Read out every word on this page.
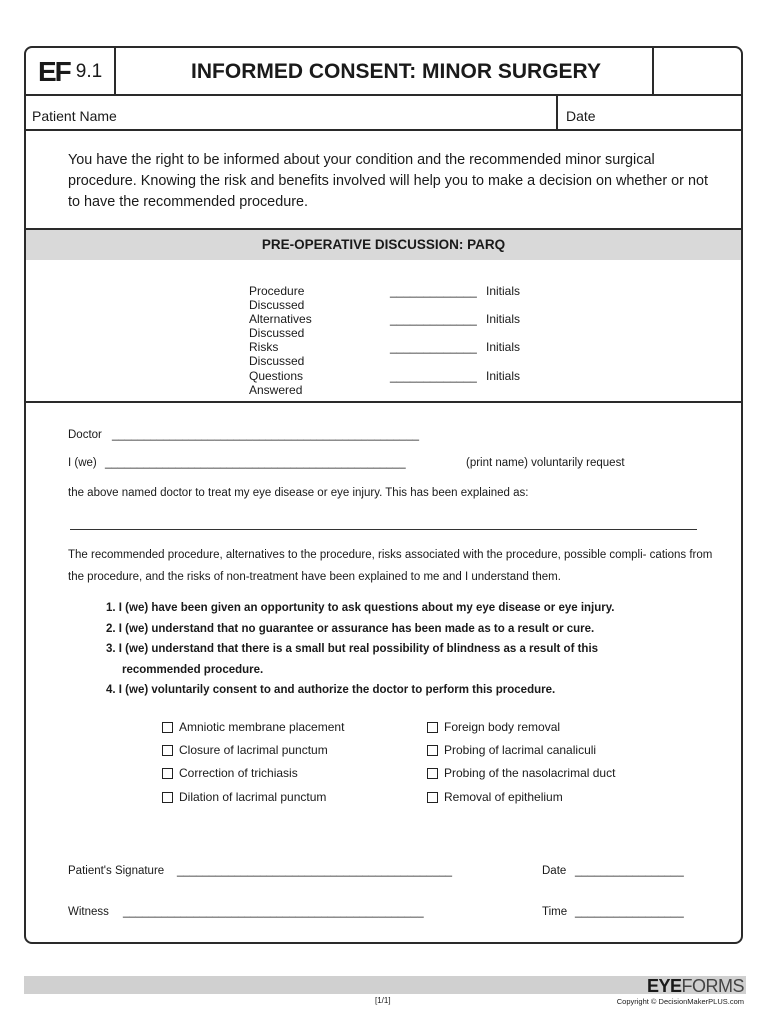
EF 9.1	INFORMED CONSENT: MINOR SURGERY
Patient Name	Date
You have the right to be informed about your condition and the recommended minor surgical procedure. Knowing the risk and benefits involved will help you to make a decision on whether or not to have the recommended procedure.
PRE-OPERATIVE DISCUSSION: PARQ
Procedure Discussed
_____________ Initials
Alternatives Discussed
_____________ Initials
Risks Discussed
_____________ Initials
Questions Answered
_____________ Initials
Doctor ________________________________________________
I (we) _______________________________________________	(print name) voluntarily request
the above named doctor to treat my eye disease or eye injury. This has been explained as:
The recommended procedure, alternatives to the procedure, risks associated with the procedure, possible compli- cations from the procedure, and the risks of non-treatment have been explained to me and I understand them.
1. I (we) have been given an opportunity to ask questions about my eye disease or eye injury.
2. I (we) understand that no guarantee or assurance has been made as to a result or cure.
3. I (we) understand that there is a small but real possibility of blindness as a result of this
recommended procedure.
4. I (we) voluntarily consent to and authorize the doctor to perform this procedure.
Amniotic membrane placement
Closure of lacrimal punctum
Correction of trichiasis
Dilation of lacrimal punctum
Foreign body removal
Probing of lacrimal canaliculi
Probing of the nasolacrimal duct
Removal of epithelium
Patient's Signature ___________________________________________	Date _________________
Witness _______________________________________________	Time _________________
EYEFORMS
[1/1]	Copyright © DecisionMakerPLUS.com
